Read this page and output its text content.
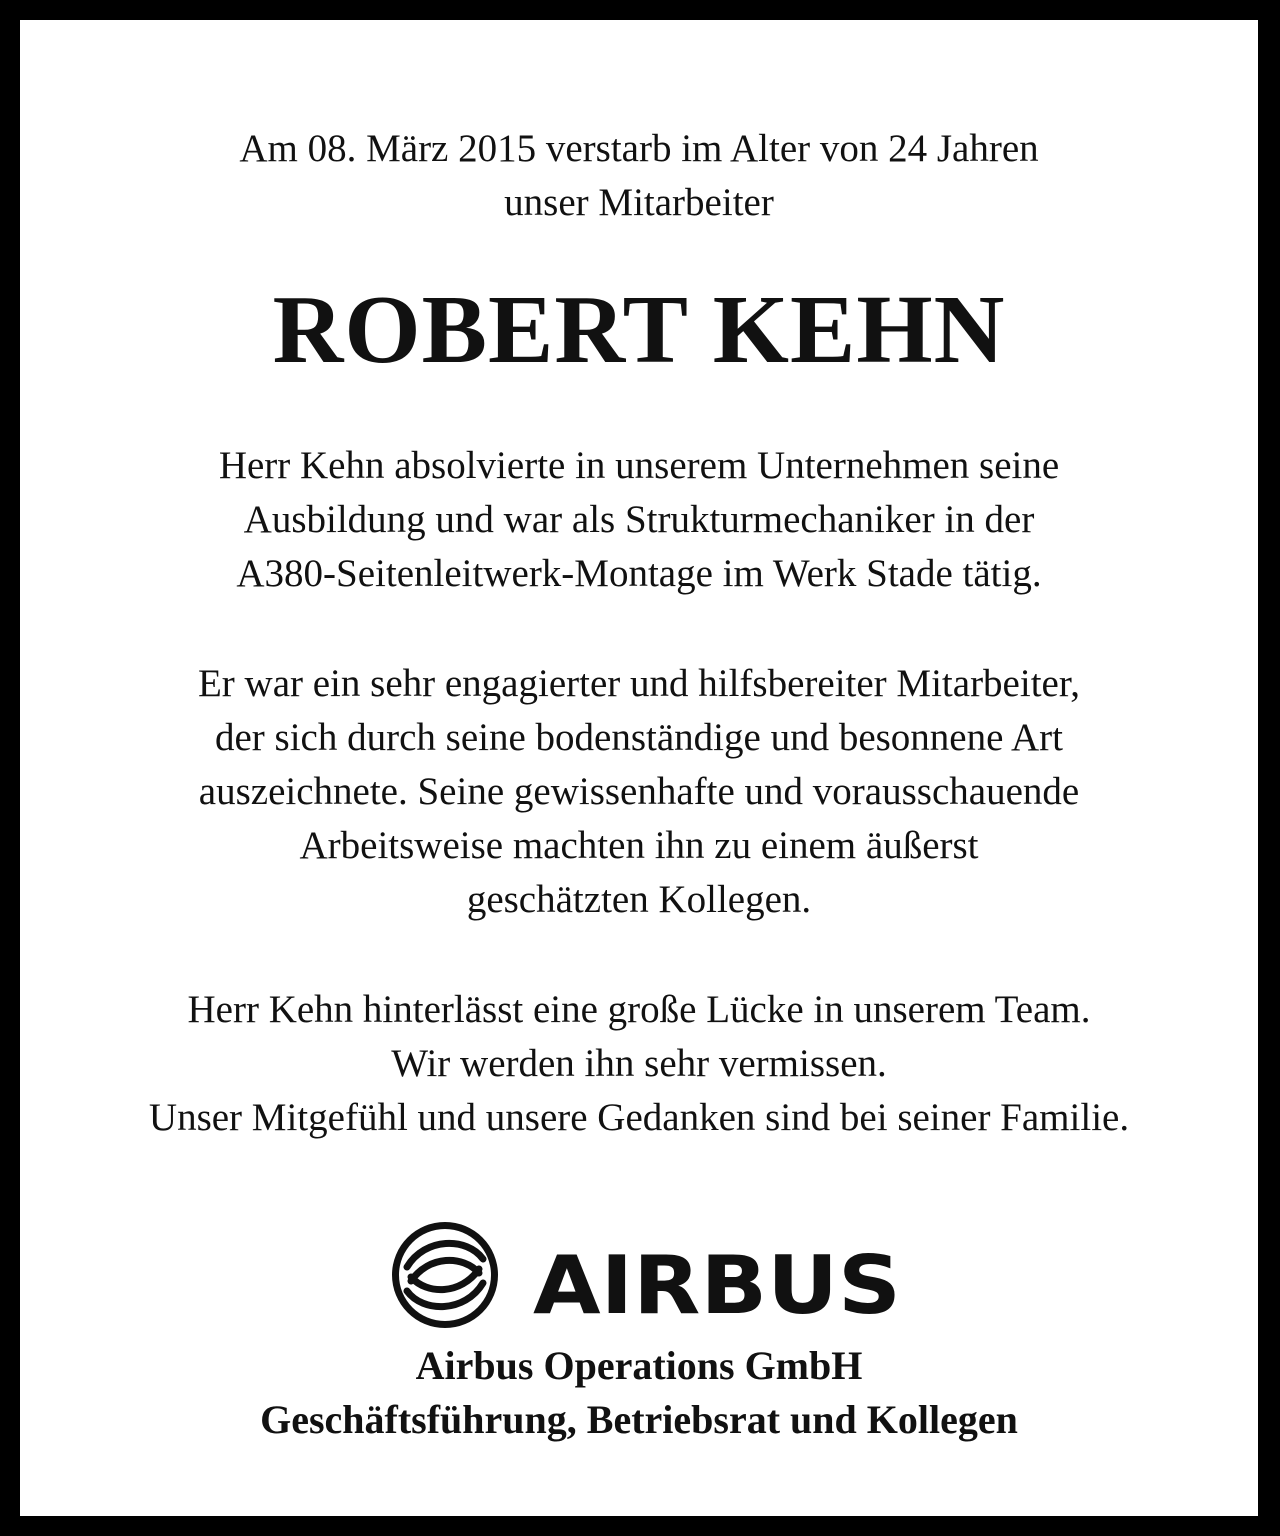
Am 08. März 2015 verstarb im Alter von 24 Jahren
unser Mitarbeiter
ROBERT KEHN
Herr Kehn absolvierte in unserem Unternehmen seine
Ausbildung und war als Strukturmechaniker in der
A380-Seitenleitwerk-Montage im Werk Stade tätig.
Er war ein sehr engagierter und hilfsbereiter Mitarbeiter,
der sich durch seine bodenständige und besonnene Art
auszeichnete. Seine gewissenhafte und vorausschauende
Arbeitsweise machten ihn zu einem äußerst
geschätzten Kollegen.
Herr Kehn hinterlässt eine große Lücke in unserem Team.
Wir werden ihn sehr vermissen.
Unser Mitgefühl und unsere Gedanken sind bei seiner Familie.
AIRBUS
Airbus Operations GmbH
Geschäftsführung, Betriebsrat und Kollegen
